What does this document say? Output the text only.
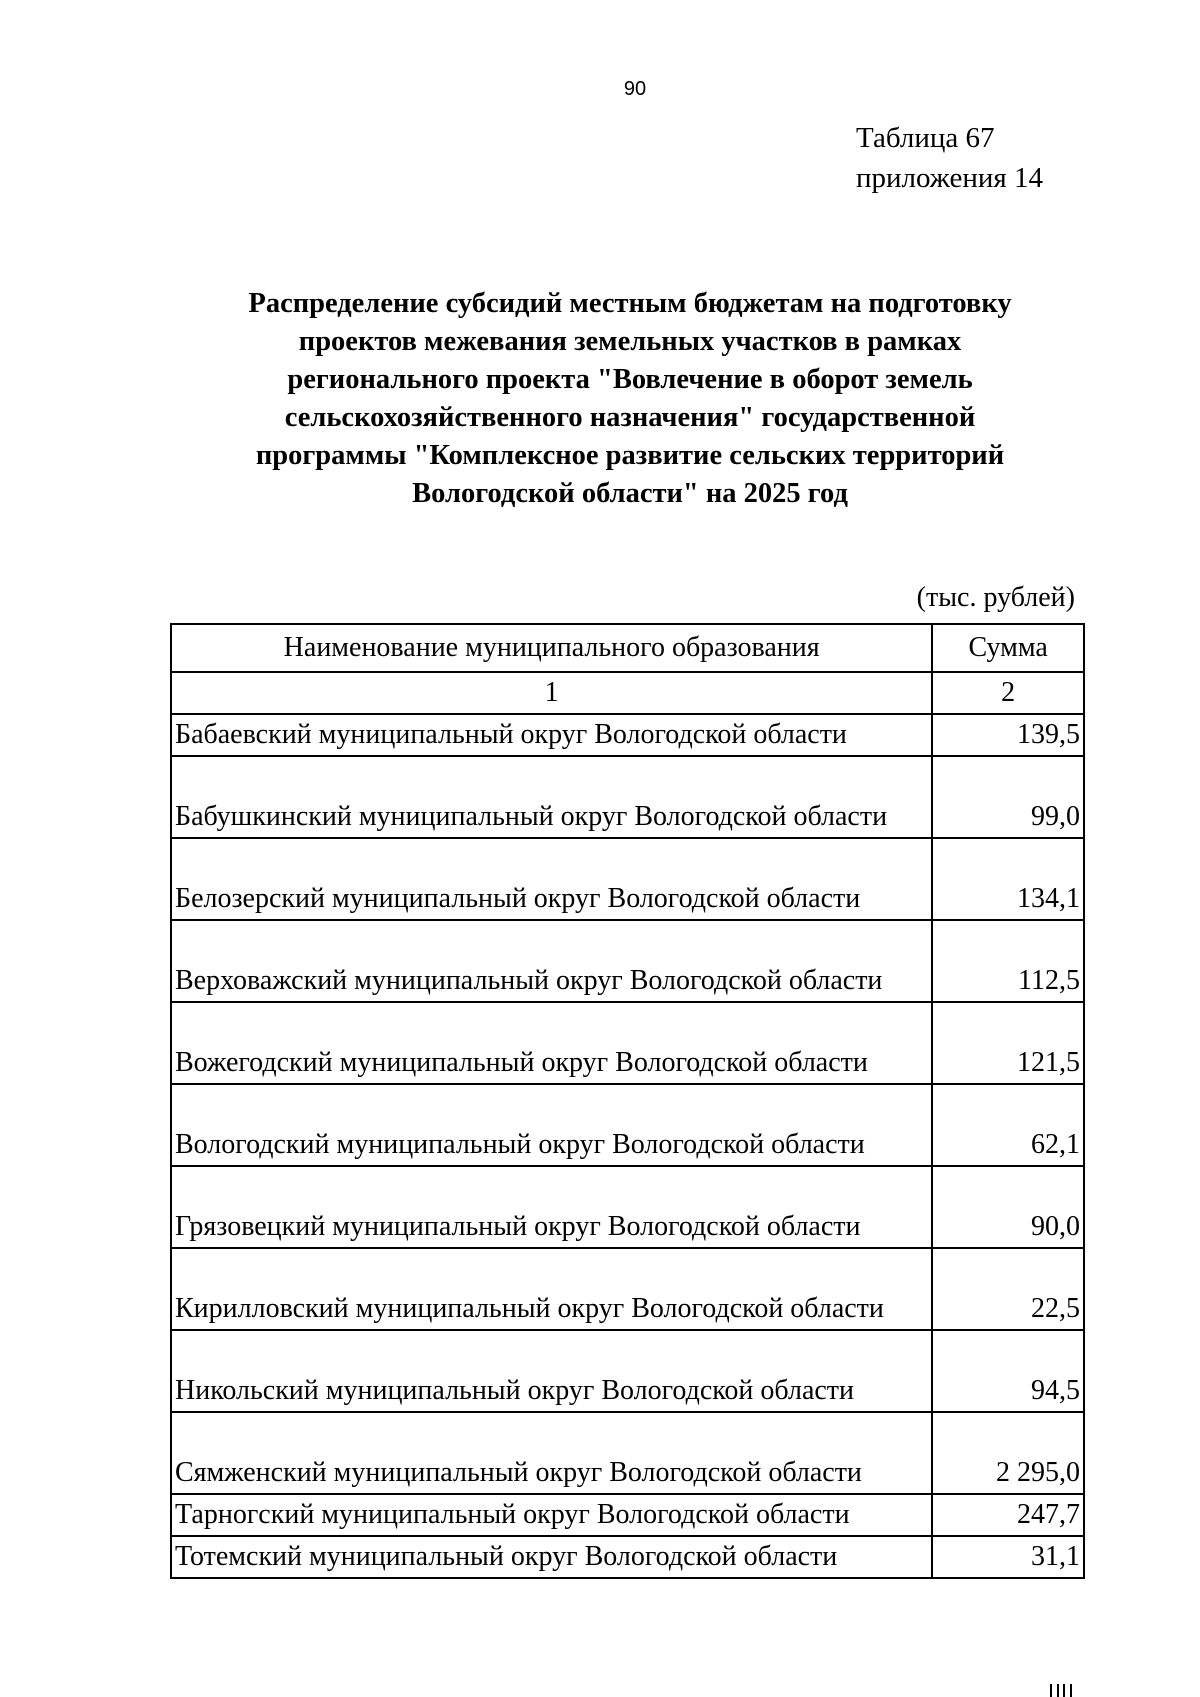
90
Таблица 67
приложения 14
Распределение субсидий местным бюджетам на подготовку
проектов межевания земельных участков в рамках
регионального проекта "Вовлечение в оборот земель
сельскохозяйственного назначения" государственной
программы "Комплексное развитие сельских территорий
Вологодской области" на 2025 год
(тыс. рублей)
Наименование муниципального образования	Сумма
1	2
Бабаевский муниципальный округ Вологодской области	139,5
Бабушкинский муниципальный округ Вологодской области	99,0
Белозерский муниципальный округ Вологодской области	134,1
Верховажский муниципальный округ Вологодской области	112,5
Вожегодский муниципальный округ Вологодской области	121,5
Вологодский муниципальный округ Вологодской области	62,1
Грязовецкий муниципальный округ Вологодской области	90,0
Кирилловский муниципальный округ Вологодской области	22,5
Никольский муниципальный округ Вологодской области	94,5
Сямженский муниципальный округ Вологодской области	2 295,0
Тарногский муниципальный округ Вологодской области	247,7
Тотемский муниципальный округ Вологодской области	31,1
